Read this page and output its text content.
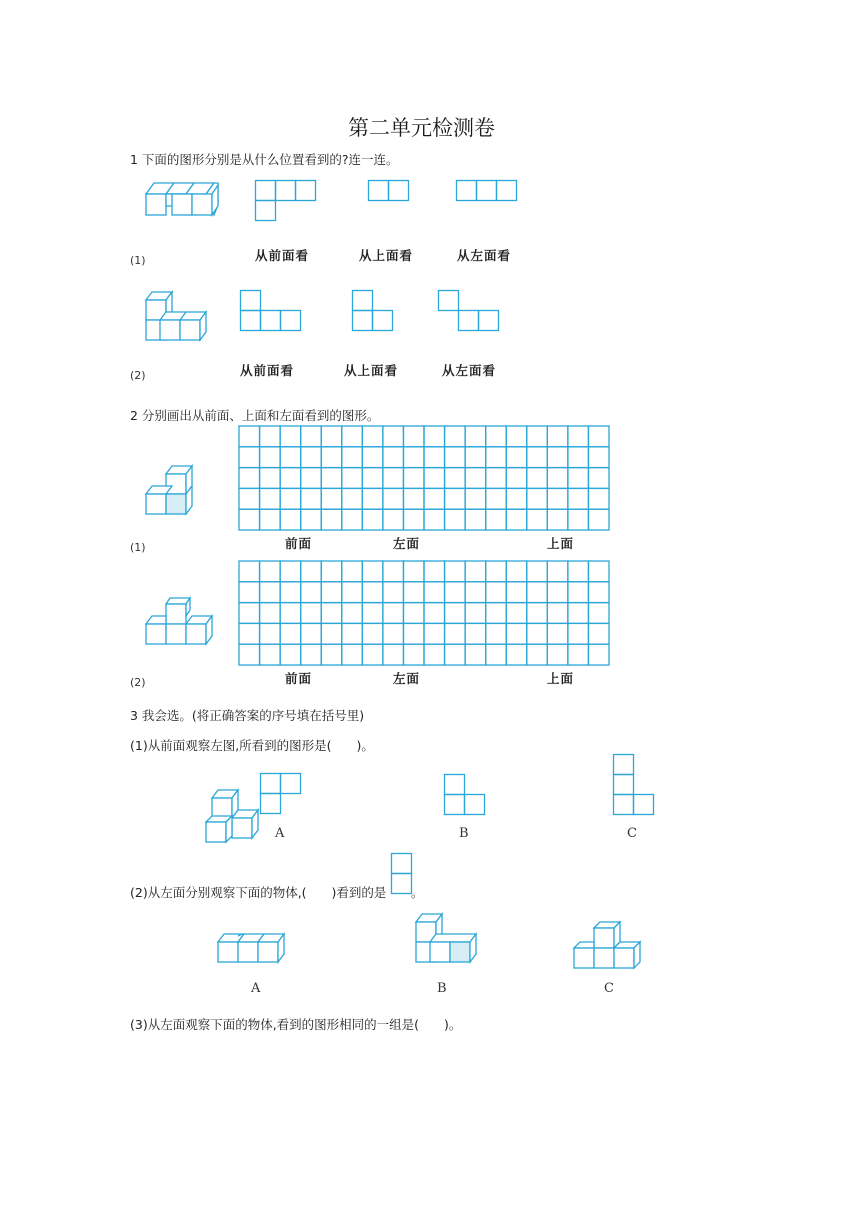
第二单元检测卷
1 下面的图形分别是从什么位置看到的?连一连。
从前面看	从上面看	从左面看
(1)
从前面看	从上面看	从左面看
(2)
2 分别画出从前面、上面和左面看到的图形。
前面	左面	上面
(1)
前面	左面	上面
(2)
3 我会选。(将正确答案的序号填在括号里)
(1)从前面观察左图,所看到的图形是(　　)。
A	B	C
(2)从左面分别观察下面的物体,(　　)看到的是 。
A	B	C
(3)从左面观察下面的物体,看到的图形相同的一组是(　　)。
